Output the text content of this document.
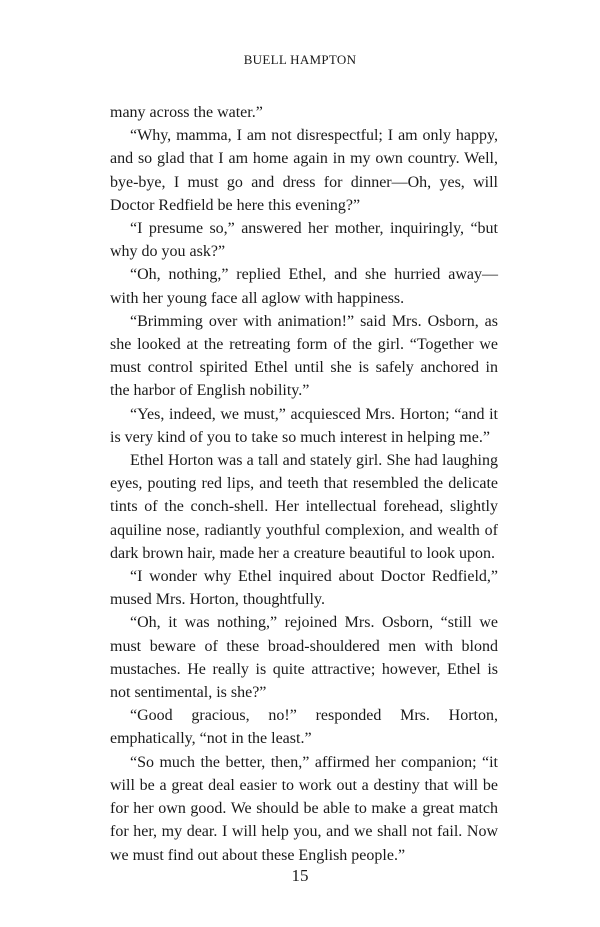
BUELL HAMPTON

many across the water.”

“Why, mamma, I am not disrespectful; I am only happy, and so glad that I am home again in my own country. Well, bye-bye, I must go and dress for dinner—Oh, yes, will Doctor Redfield be here this evening?”

“I presume so,” answered her mother, inquiringly, “but why do you ask?”

“Oh, nothing,” replied Ethel, and she hurried away—with her young face all aglow with happiness.

“Brimming over with animation!” said Mrs. Osborn, as she looked at the retreating form of the girl. “Together we must control spirited Ethel until she is safely anchored in the harbor of English nobility.”

“Yes, indeed, we must,” acquiesced Mrs. Horton; “and it is very kind of you to take so much interest in helping me.”

Ethel Horton was a tall and stately girl. She had laughing eyes, pouting red lips, and teeth that resembled the delicate tints of the conch-shell. Her intellectual forehead, slightly aquiline nose, radiantly youthful complexion, and wealth of dark brown hair, made her a creature beautiful to look upon.

“I wonder why Ethel inquired about Doctor Redfield,” mused Mrs. Horton, thoughtfully.

“Oh, it was nothing,” rejoined Mrs. Osborn, “still we must beware of these broad-shouldered men with blond mustaches. He really is quite attractive; however, Ethel is not sentimental, is she?”

“Good gracious, no!” responded Mrs. Horton, emphatically, “not in the least.”

“So much the better, then,” affirmed her companion; “it will be a great deal easier to work out a destiny that will be for her own good. We should be able to make a great match for her, my dear. I will help you, and we shall not fail. Now we must find out about these English people.”

15
